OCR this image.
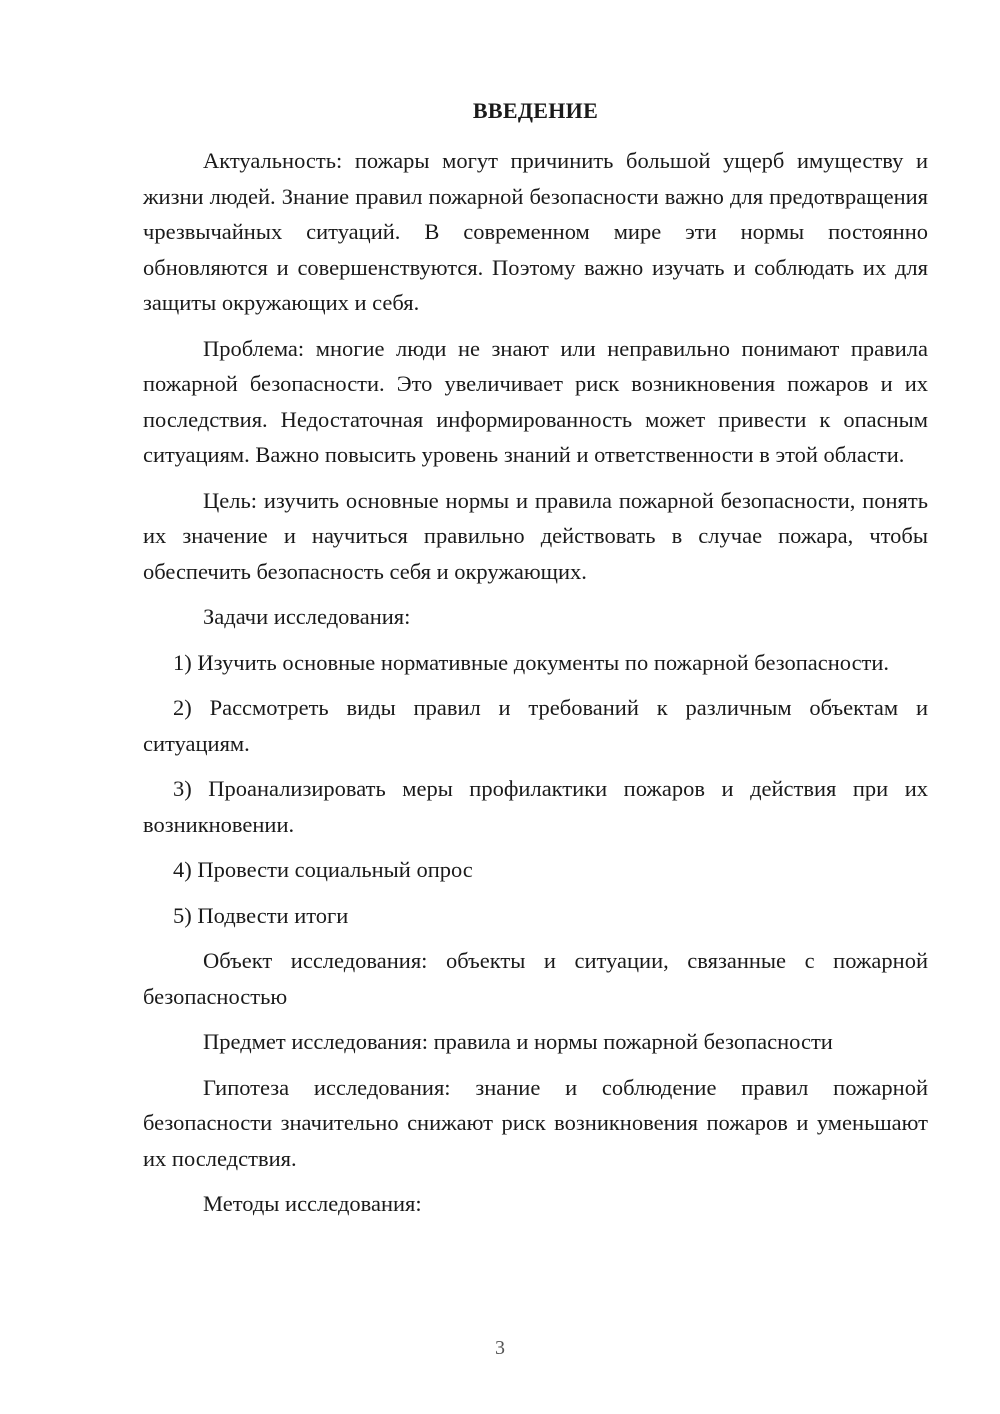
ВВЕДЕНИЕ

Актуальность: пожары могут причинить большой ущерб имуществу и жизни людей. Знание правил пожарной безопасности важно для предотвращения чрезвычайных ситуаций. В современном мире эти нормы постоянно обновляются и совершенствуются. Поэтому важно изучать и соблюдать их для защиты окружающих и себя.

Проблема: многие люди не знают или неправильно понимают правила пожарной безопасности. Это увеличивает риск возникновения пожаров и их последствия. Недостаточная информированность может привести к опасным ситуациям. Важно повысить уровень знаний и ответственности в этой области.

Цель: изучить основные нормы и правила пожарной безопасности, понять их значение и научиться правильно действовать в случае пожара, чтобы обеспечить безопасность себя и окружающих.

Задачи исследования:

1) Изучить основные нормативные документы по пожарной безопасности.

2) Рассмотреть виды правил и требований к различным объектам и ситуациям.

3) Проанализировать меры профилактики пожаров и действия при их возникновении.

4) Провести социальный опрос

5) Подвести итоги

Объект исследования: объекты и ситуации, связанные с пожарной безопасностью

Предмет исследования: правила и нормы пожарной безопасности

Гипотеза исследования: знание и соблюдение правил пожарной безопасности значительно снижают риск возникновения пожаров и уменьшают их последствия.

Методы исследования:

3
